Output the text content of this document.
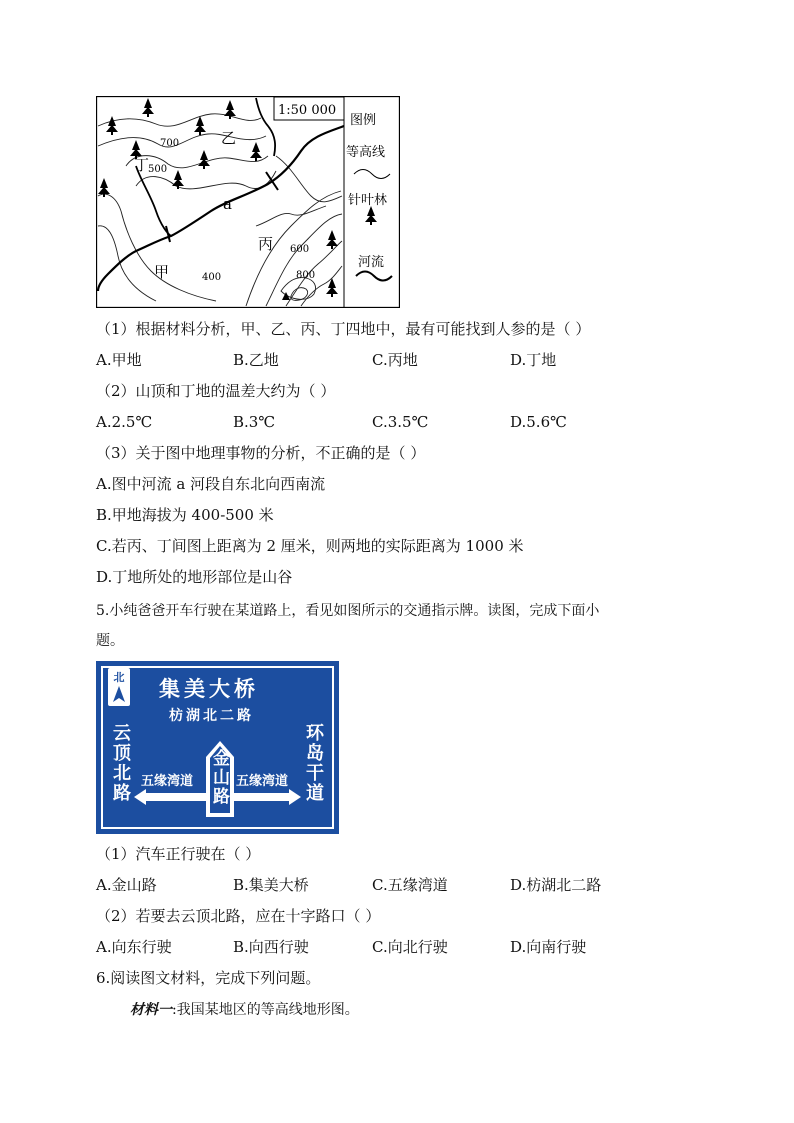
1:50 000
图例
等高线
针叶林
河流
乙
丁
丙
甲
a
700
500
600
400	800
（1）根据材料分析，甲、乙、丙、丁四地中，最有可能找到人参的是（ ）
A.甲地	B.乙地	C.丙地	D.丁地
（2）山顶和丁地的温差大约为（ ）
A.2.5℃	B.3℃	C.3.5℃	D.5.6℃
（3）关于图中地理事物的分析，不正确的是（ ）
A.图中河流 a 河段自东北向西南流
B.甲地海拔为 400-500 米
C.若丙、丁间图上距离为 2 厘米，则两地的实际距离为 1000 米
D.丁地所处的地形部位是山谷
5.小纯爸爸开车行驶在某道路上，看见如图所示的交通指示牌。读图，完成下面小
题。
北 集美大桥
枋湖北二路
云顶北路	环岛干道
金山路
五缘湾道	五缘湾道
（1）汽车正行驶在（ ）
A.金山路	B.集美大桥	C.五缘湾道	D.枋湖北二路
（2）若要去云顶北路，应在十字路口（ ）
A.向东行驶	B.向西行驶	C.向北行驶	D.向南行驶
6.阅读图文材料，完成下列问题。
材料一:我国某地区的等高线地形图。
